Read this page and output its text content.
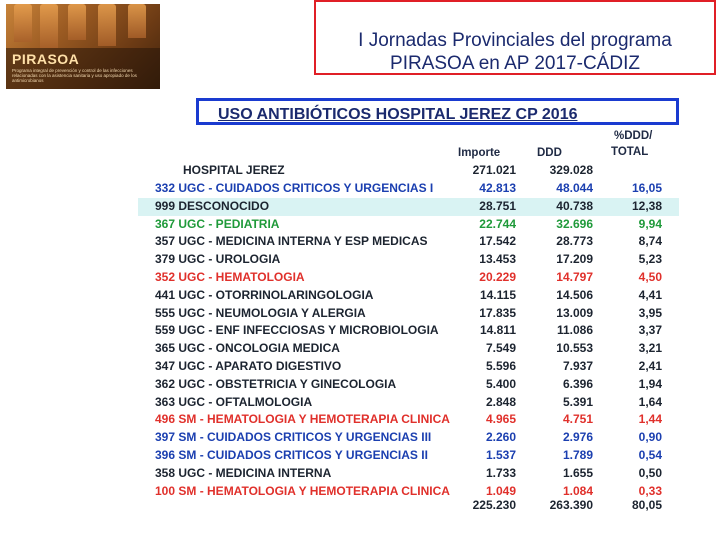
PIRASOA
Programa integral de prevención y control de las infecciones relacionadas con la asistencia sanitaria y uso apropiado de los antimicrobianos
I Jornadas Provinciales del programa
PIRASOA en AP 2017-CÁDIZ
USO ANTIBIÓTICOS HOSPITAL JEREZ CP 2016
%DDD/
Importe	DDD	TOTAL
HOSPITAL JEREZ	271.021	329.028
332 UGC - CUIDADOS CRITICOS Y URGENCIAS I	42.813	48.044	16,05
999 DESCONOCIDO	28.751	40.738	12,38
367 UGC - PEDIATRIA	22.744	32.696	9,94
357 UGC - MEDICINA INTERNA Y ESP MEDICAS	17.542	28.773	8,74
379 UGC - UROLOGIA	13.453	17.209	5,23
352 UGC - HEMATOLOGIA	20.229	14.797	4,50
441 UGC - OTORRINOLARINGOLOGIA	14.115	14.506	4,41
555 UGC - NEUMOLOGIA Y ALERGIA	17.835	13.009	3,95
559 UGC - ENF INFECCIOSAS Y MICROBIOLOGIA	14.811	11.086	3,37
365 UGC - ONCOLOGIA MEDICA	7.549	10.553	3,21
347 UGC - APARATO DIGESTIVO	5.596	7.937	2,41
362 UGC - OBSTETRICIA Y GINECOLOGIA	5.400	6.396	1,94
363 UGC - OFTALMOLOGIA	2.848	5.391	1,64
496 SM - HEMATOLOGIA Y HEMOTERAPIA CLINICA	4.965	4.751	1,44
397 SM - CUIDADOS CRITICOS Y URGENCIAS III	2.260	2.976	0,90
396 SM - CUIDADOS CRITICOS Y URGENCIAS II	1.537	1.789	0,54
358 UGC - MEDICINA INTERNA	1.733	1.655	0,50
100 SM - HEMATOLOGIA Y HEMOTERAPIA CLINICA	1.049	1.084	0,33
225.230	263.390	80,05
